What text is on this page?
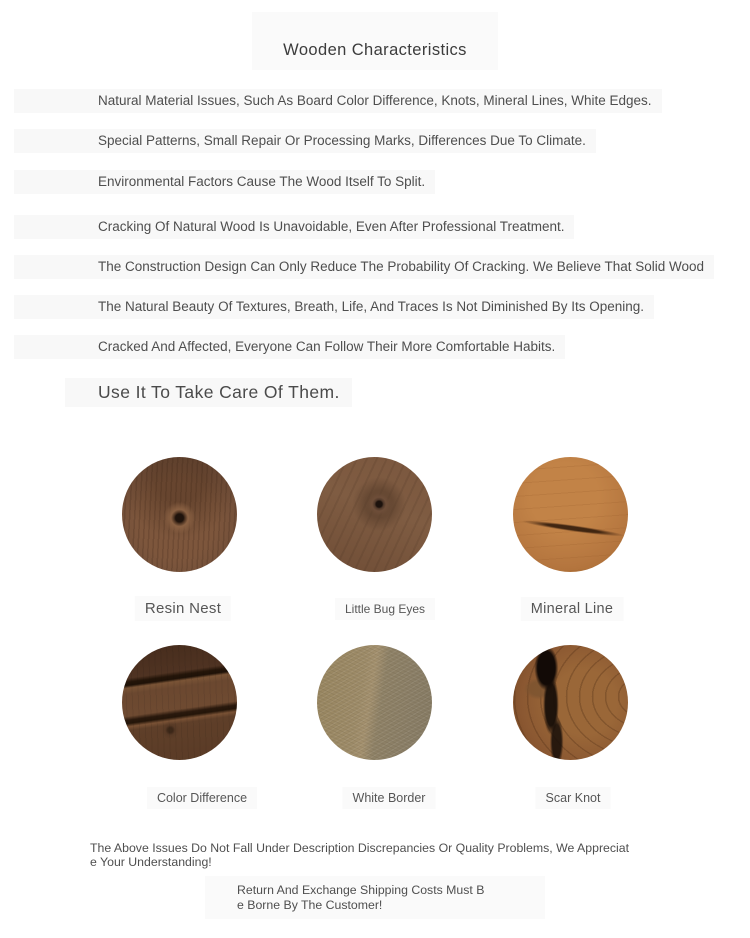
Wooden Characteristics
Natural Material Issues, Such As Board Color Difference, Knots, Mineral Lines, White Edges.
Special Patterns, Small Repair Or Processing Marks, Differences Due To Climate.
Environmental Factors Cause The Wood Itself To Split.
Cracking Of Natural Wood Is Unavoidable, Even After Professional Treatment.
The Construction Design Can Only Reduce The Probability Of Cracking. We Believe That Solid Wood
The Natural Beauty Of Textures, Breath, Life, And Traces Is Not Diminished By Its Opening.
Cracked And Affected, Everyone Can Follow Their More Comfortable Habits.
Use It To Take Care Of Them.
Resin Nest	Little Bug Eyes	Mineral Line
Color Difference	White Border	Scar Knot
The Above Issues Do Not Fall Under Description Discrepancies Or Quality Problems, We Appreciat
e Your Understanding!
Return And Exchange Shipping Costs Must B
e Borne By The Customer!
